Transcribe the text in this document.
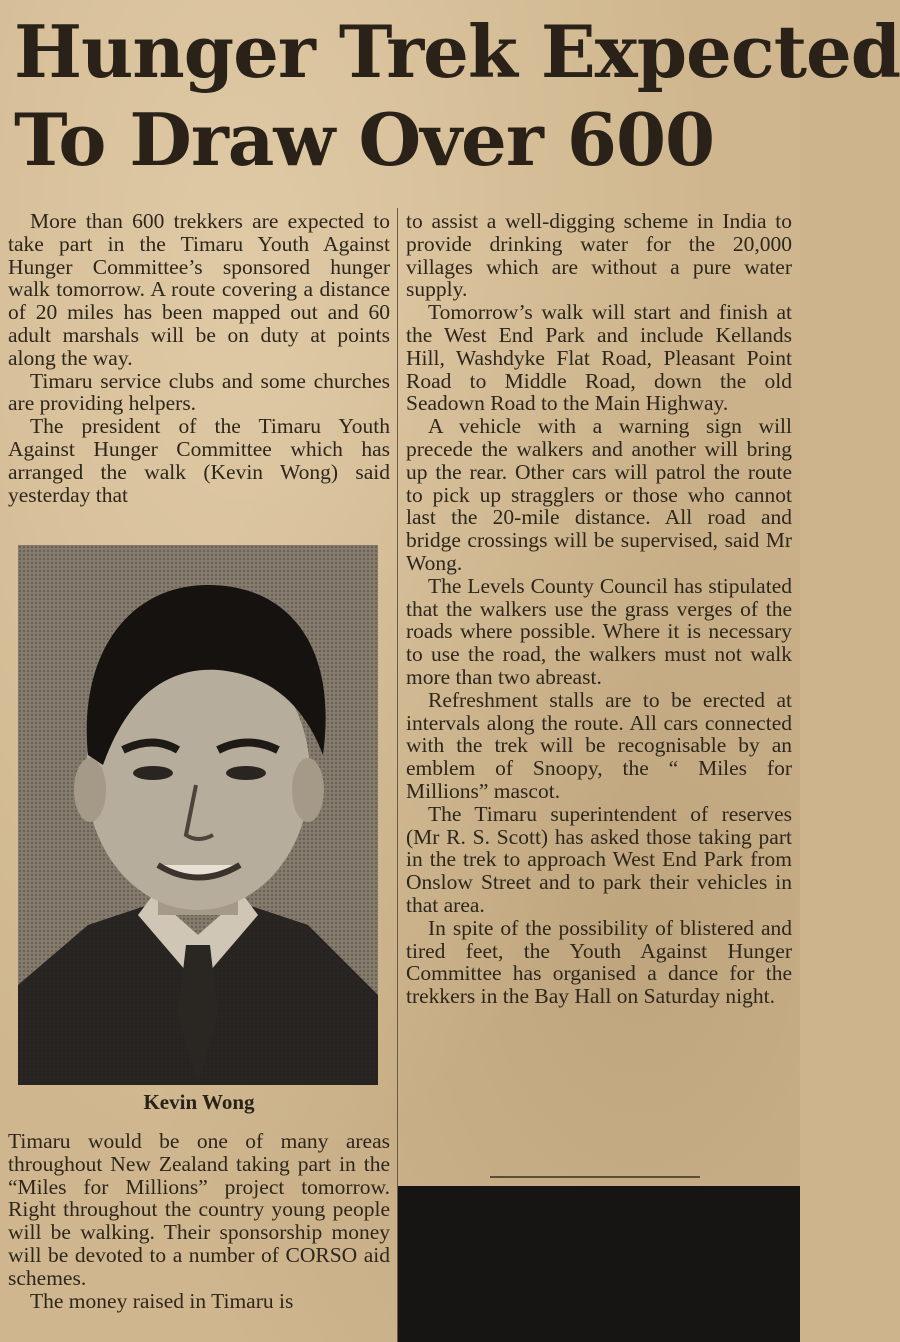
Hunger Trek Expected
To Draw Over 600

More than 600 trekkers are expected to take part in the Timaru Youth Against Hunger Committee’s sponsored hunger walk tomorrow. A route covering a distance of 20 miles has been mapped out and 60 adult marshals will be on duty at points along the way.

Timaru service clubs and some churches are providing helpers.

The president of the Timaru Youth Against Hunger Committee which has arranged the walk (Kevin Wong) said yesterday that

Kevin Wong

Timaru would be one of many areas throughout New Zealand taking part in the “Miles for Millions” project tomorrow. Right throughout the country young people will be walking. Their sponsorship money will be devoted to a number of CORSO aid schemes.

The money raised in Timaru is

to assist a well-digging scheme in India to provide drinking water for the 20,000 villages which are without a pure water supply.

Tomorrow’s walk will start and finish at the West End Park and include Kellands Hill, Washdyke Flat Road, Pleasant Point Road to Middle Road, down the old Seadown Road to the Main Highway.

A vehicle with a warning sign will precede the walkers and another will bring up the rear. Other cars will patrol the route to pick up stragglers or those who cannot last the 20-mile distance. All road and bridge crossings will be supervised, said Mr Wong.

The Levels County Council has stipulated that the walkers use the grass verges of the roads where possible. Where it is necessary to use the road, the walkers must not walk more than two abreast.

Refreshment stalls are to be erected at intervals along the route. All cars connected with the trek will be recognisable by an emblem of Snoopy, the “ Miles for Millions” mascot.

The Timaru superintendent of reserves (Mr R. S. Scott) has asked those taking part in the trek to approach West End Park from Onslow Street and to park their vehicles in that area.

In spite of the possibility of blistered and tired feet, the Youth Against Hunger Committee has organised a dance for the trekkers in the Bay Hall on Saturday night.
